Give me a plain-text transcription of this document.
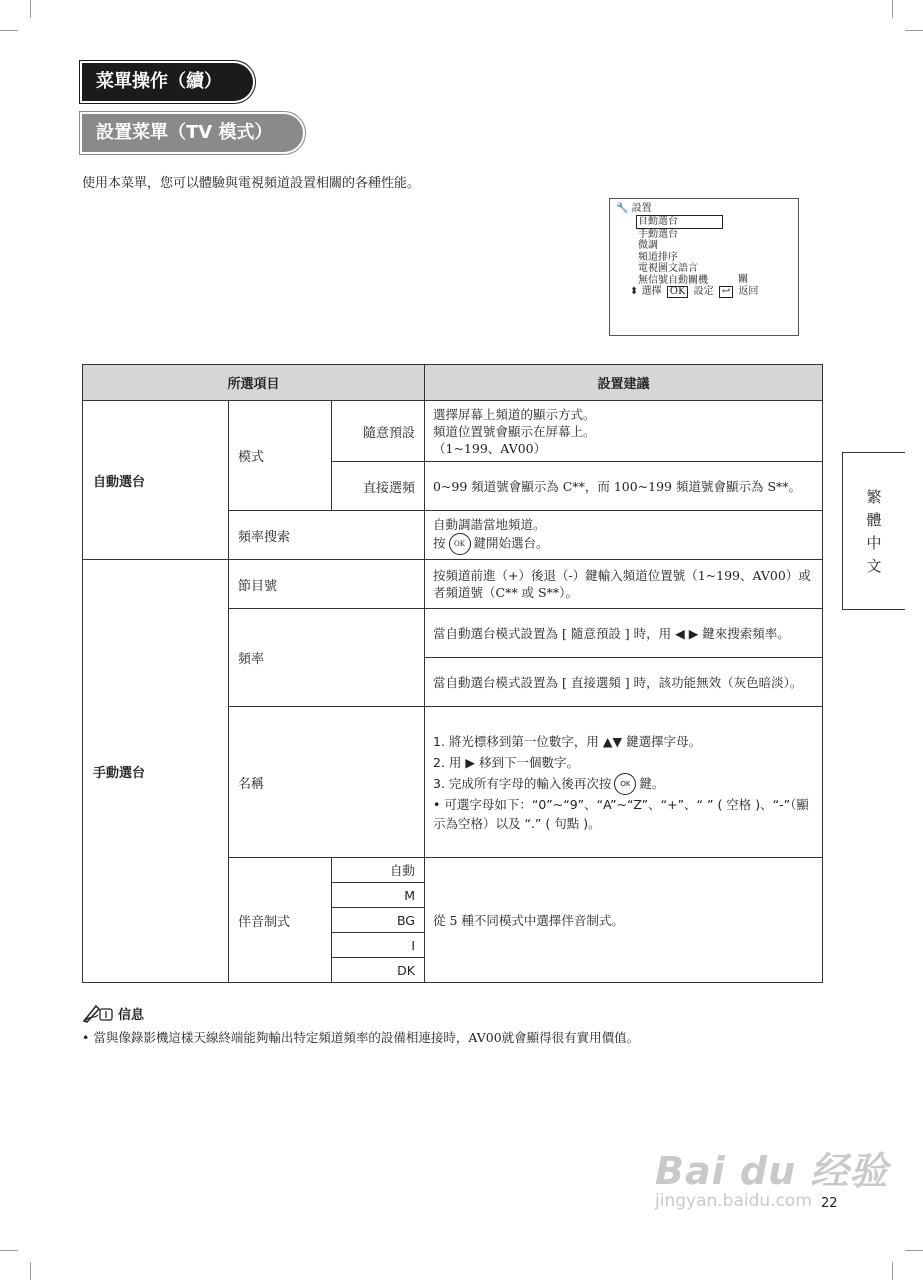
菜單操作（續）
設置菜單（TV 模式）
使用本菜單，您可以體驗與電視頻道設置相關的各種性能。
🔧 設置
自動選台
手動選台
微調
頻道排序
電視圖文語言
無信號自動關機	關
⬍ 選擇 OK 設定 ↩ 返回
繁
體
中
文
所選項目			設置建議
自動選台	模式	隨意預設	選擇屏幕上頻道的顯示方式。
頻道位置號會顯示在屏幕上。
（1~199、AV00）

		直接選頻	0~99 頻道號會顯示為 C**，而 100~199 頻道號會顯示為 S**。
	頻率搜索		自動調諧當地頻道。
按 OK 鍵開始選台。

手動選台	節目號		按頻道前進（+）後退（-）鍵輸入頻道位置號（1~199、AV00）或者頻道號（C** 或 S**）。
	頻率		當自動選台模式設置為 [ 隨意預設 ] 時，用 ◀ ▶ 鍵來搜索頻率。
			當自動選台模式設置為 [ 直接選頻 ] 時，該功能無效（灰色暗淡）。
	名稱		1. 將光標移到第一位數字，用 ▲▼ 鍵選擇字母。
2. 用 ▶ 移到下一個數字。
3. 完成所有字母的輸入後再次按 OK 鍵。
• 可選字母如下：“0”~“9”、“A”~“Z”、“+”、“ ” ( 空格 )、“-”（顯示為空格）以及 “.” ( 句點 )。

	伴音制式	自動	從 5 種不同模式中選擇伴音制式。
		M	
		BG	
		I	
		DK	
信息
• 當與像錄影機這樣天線終端能夠輸出特定頻道頻率的設備相連接時，AV00就會顯得很有實用價值。
Bai du 经验
jingyan.baidu.com 22
